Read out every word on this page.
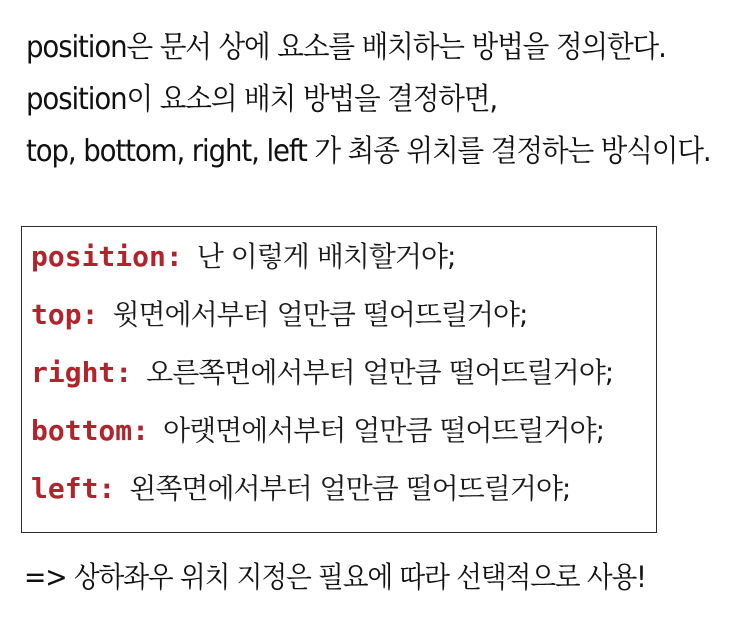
position은 문서 상에 요소를 배치하는 방법을 정의한다.
position이 요소의 배치 방법을 결정하면,
top, bottom, right, left 가 최종 위치를 결정하는 방식이다.
position: 난 이렇게 배치할거야;
top: 윗면에서부터 얼만큼 떨어뜨릴거야;
right: 오른쪽면에서부터 얼만큼 떨어뜨릴거야;
bottom: 아랫면에서부터 얼만큼 떨어뜨릴거야;
left: 왼쪽면에서부터 얼만큼 떨어뜨릴거야;
=> 상하좌우 위치 지정은 필요에 따라 선택적으로 사용!
